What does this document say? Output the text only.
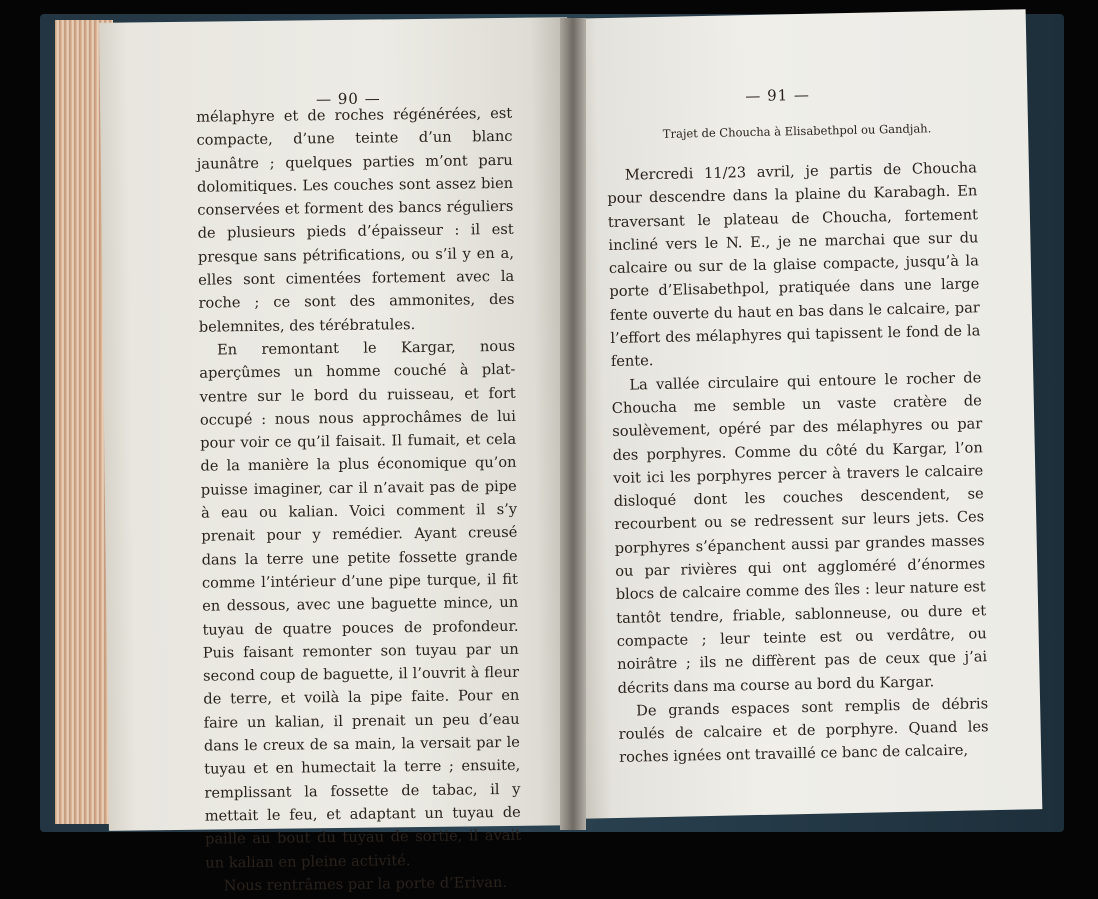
— 90 —

mélaphyre et de roches régénérées, est compacte, d’une teinte d’un blanc jaunâtre ; quelques parties m’ont paru dolomitiques. Les couches sont assez bien conservées et forment des bancs réguliers de plusieurs pieds d’épaisseur : il est presque sans pétrifications, ou s’il y en a, elles sont cimentées fortement avec la roche ; ce sont des ammonites, des belemnites, des térébratules.

En remontant le Kargar, nous aperçûmes un homme couché à plat-ventre sur le bord du ruisseau, et fort occupé : nous nous approchâmes de lui pour voir ce qu’il faisait. Il fumait, et cela de la manière la plus économique qu’on puisse imaginer, car il n’avait pas de pipe à eau ou kalian. Voici comment il s’y prenait pour y remédier. Ayant creusé dans la terre une petite fossette grande comme l’intérieur d’une pipe turque, il fit en dessous, avec une baguette mince, un tuyau de quatre pouces de profondeur. Puis faisant remonter son tuyau par un second coup de baguette, il l’ouvrit à fleur de terre, et voilà la pipe faite. Pour en faire un kalian, il prenait un peu d’eau dans le creux de sa main, la versait par le tuyau et en humectait la terre ; ensuite, remplissant la fossette de tabac, il y mettait le feu, et adaptant un tuyau de paille au bout du tuyau de sortie, il avait un kalian en pleine activité.

Nous rentrâmes par la porte d’Erivan.

— 91 —
Trajet de Choucha à Elisabethpol ou Gandjah.

Mercredi 11/23 avril, je partis de Choucha pour descendre dans la plaine du Karabagh. En traversant le plateau de Choucha, fortement incliné vers le N. E., je ne marchai que sur du calcaire ou sur de la glaise compacte, jusqu’à la porte d’Elisabethpol, pratiquée dans une large fente ouverte du haut en bas dans le calcaire, par l’effort des mélaphyres qui tapissent le fond de la fente.

La vallée circulaire qui entoure le rocher de Choucha me semble un vaste cratère de soulèvement, opéré par des mélaphyres ou par des porphyres. Comme du côté du Kargar, l’on voit ici les porphyres percer à travers le calcaire disloqué dont les couches descendent, se recourbent ou se redressent sur leurs jets. Ces porphyres s’épanchent aussi par grandes masses ou par rivières qui ont aggloméré d’énormes blocs de calcaire comme des îles : leur nature est tantôt tendre, friable, sablonneuse, ou dure et compacte ; leur teinte est ou verdâtre, ou noirâtre ; ils ne diffèrent pas de ceux que j’ai décrits dans ma course au bord du Kargar.

De grands espaces sont remplis de débris roulés de calcaire et de porphyre. Quand les roches ignées ont travaillé ce banc de calcaire,
